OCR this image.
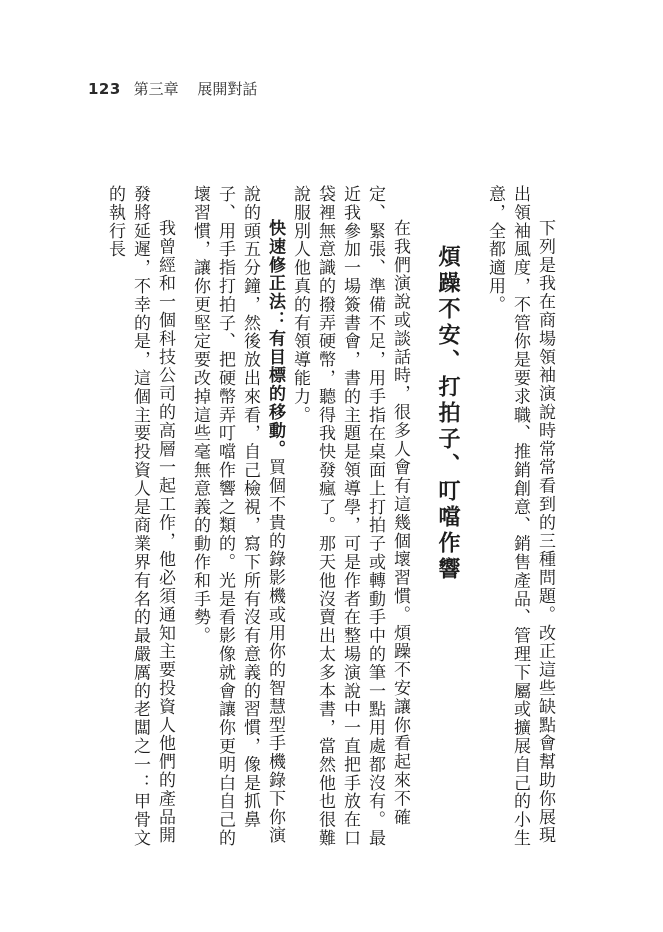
123 第三章 展開對話

下列是我在商場領袖演說時常常看到的三種問題。改正這些缺點會幫助你展現出領袖風度，不管你是要求職、推銷創意、銷售產品、管理下屬或擴展自己的小生意，全都適用。

煩躁不安、打拍子、叮噹作響

在我們演說或談話時，很多人會有這幾個壞習慣。煩躁不安讓你看起來不確定、緊張、準備不足，用手指在桌面上打拍子或轉動手中的筆一點用處都沒有。最近我參加一場簽書會，書的主題是領導學，可是作者在整場演說中一直把手放在口袋裡無意識的撥弄硬幣，聽得我快發瘋了。那天他沒賣出太多本書，當然他也很難說服別人他真的有領導能力。

快速修正法：有目標的移動。買個不貴的錄影機或用你的智慧型手機錄下你演說的頭五分鐘，然後放出來看，自己檢視，寫下所有沒有意義的習慣，像是抓鼻子、用手指打拍子、把硬幣弄叮噹作響之類的。光是看影像就會讓你更明白自己的壞習慣，讓你更堅定要改掉這些毫無意義的動作和手勢。

我曾經和一個科技公司的高層一起工作，他必須通知主要投資人他們的產品開發將延遲，不幸的是，這個主要投資人是商業界有名的最嚴厲的老闆之一：甲骨文的執行長
